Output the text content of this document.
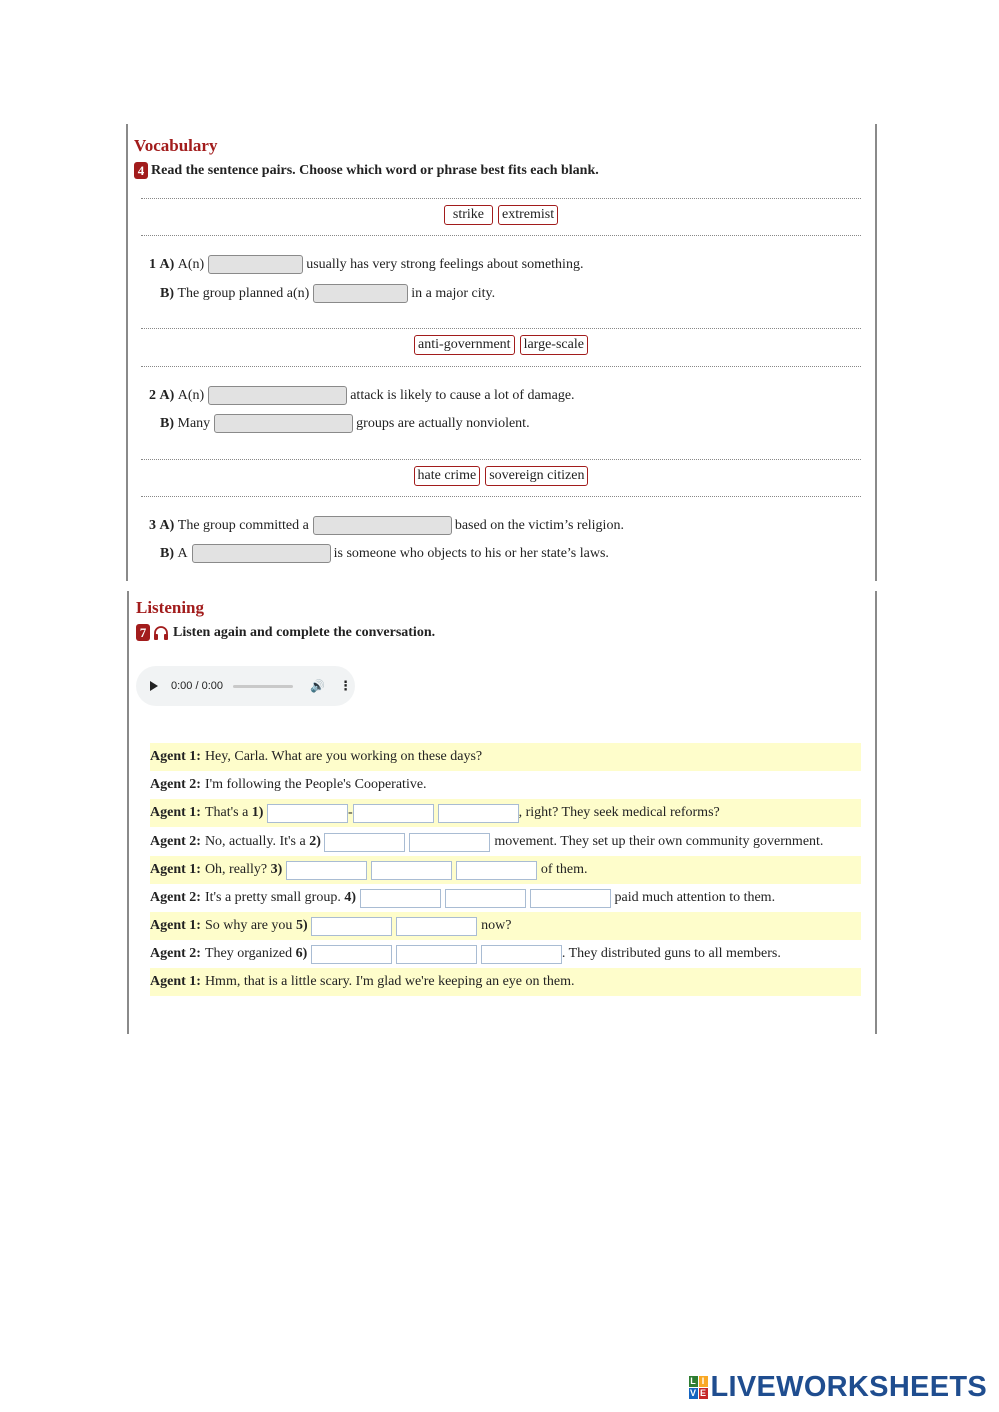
Vocabulary
4 Read the sentence pairs. Choose which word or phrase best fits each blank.
strike	extremist
1
A)
A(n)	usually has very strong feelings about something.
B)
The group planned a(n)	in a major city.
anti-government large-scale
2
A)
A(n)	attack is likely to cause a lot of damage.
B)
Many	groups are actually nonviolent.
hate crime sovereign citizen
3
A)
The group committed a	based on the victim’s religion.
B)
A	is someone who objects to his or her state’s laws.
Listening
7 Listen again and complete the conversation.
0:00 / 0:00	🔊 ⋮
Agent 1: Hey, Carla. What are you working on these days?
Agent 2: I'm following the People's Cooperative.
Agent 1: That's a
1)
	-	, right? They seek medical reforms?
Agent 2: No, actually. It's a
2)
	movement. They set up their own community government.
Agent 1: Oh, really?
3)
	of them.
Agent 2: It's a pretty small group.
4)
	paid much attention to them.
Agent 1: So why are you
5)
	now?
Agent 2: They organized
6)
	. They distributed guns to all members.
Agent 1: Hmm, that is a little scary. I'm glad we're keeping an eye on them.
L I
V E LIVEWORKSHEETS
